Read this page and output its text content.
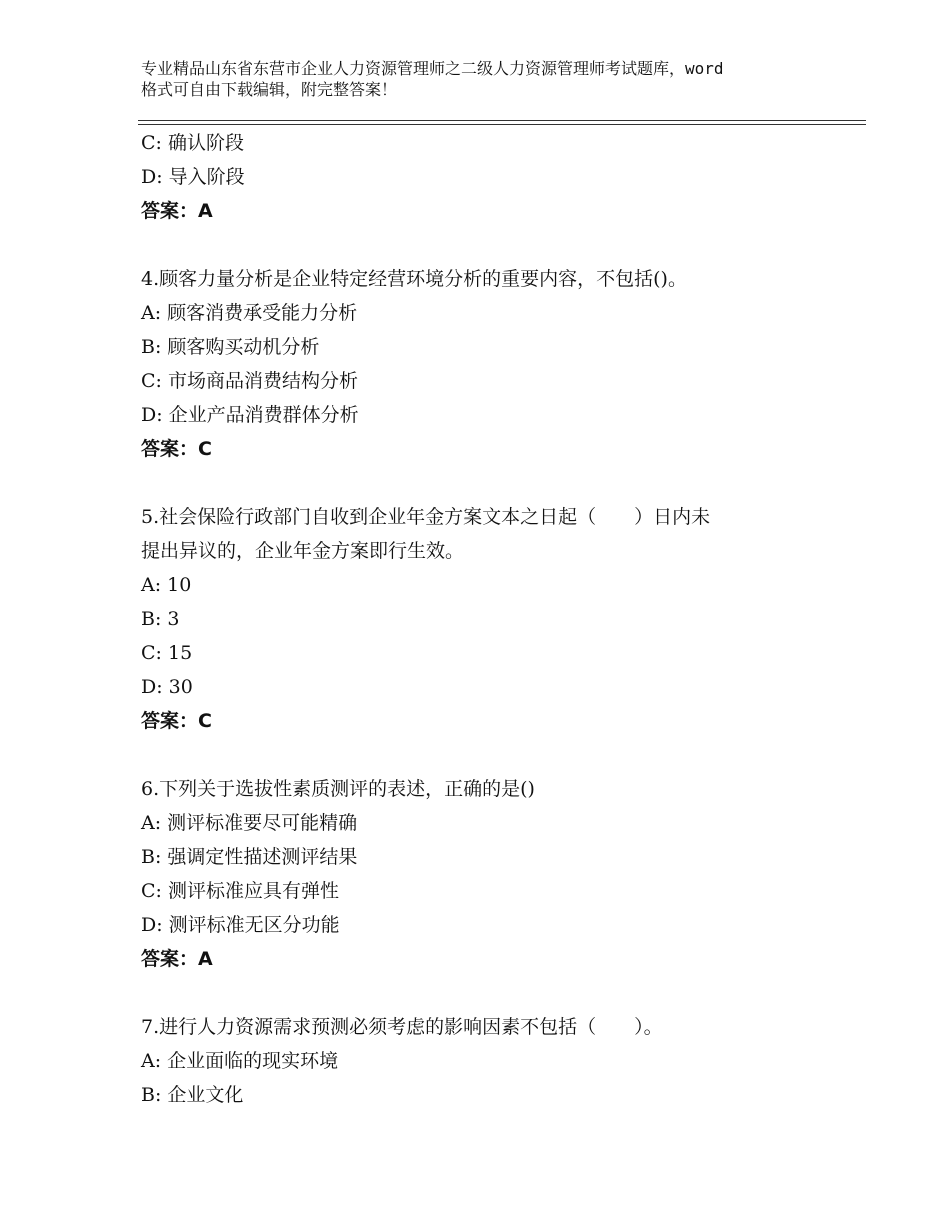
专业精品山东省东营市企业人力资源管理师之二级人力资源管理师考试题库，word
格式可自由下载编辑，附完整答案！
C: 确认阶段
D: 导入阶段
答案：A
4.顾客力量分析是企业特定经营环境分析的重要内容，不包括()。
A: 顾客消费承受能力分析
B: 顾客购买动机分析
C: 市场商品消费结构分析
D: 企业产品消费群体分析
答案：C
5.社会保险行政部门自收到企业年金方案文本之日起（　　）日内未
提出异议的，企业年金方案即行生效。
A: 10
B: 3
C: 15
D: 30
答案：C
6.下列关于选拔性素质测评的表述，正确的是()
A: 测评标准要尽可能精确
B: 强调定性描述测评结果
C: 测评标准应具有弹性
D: 测评标准无区分功能
答案：A
7.进行人力资源需求预测必须考虑的影响因素不包括（　　）。
A: 企业面临的现实环境
B: 企业文化
